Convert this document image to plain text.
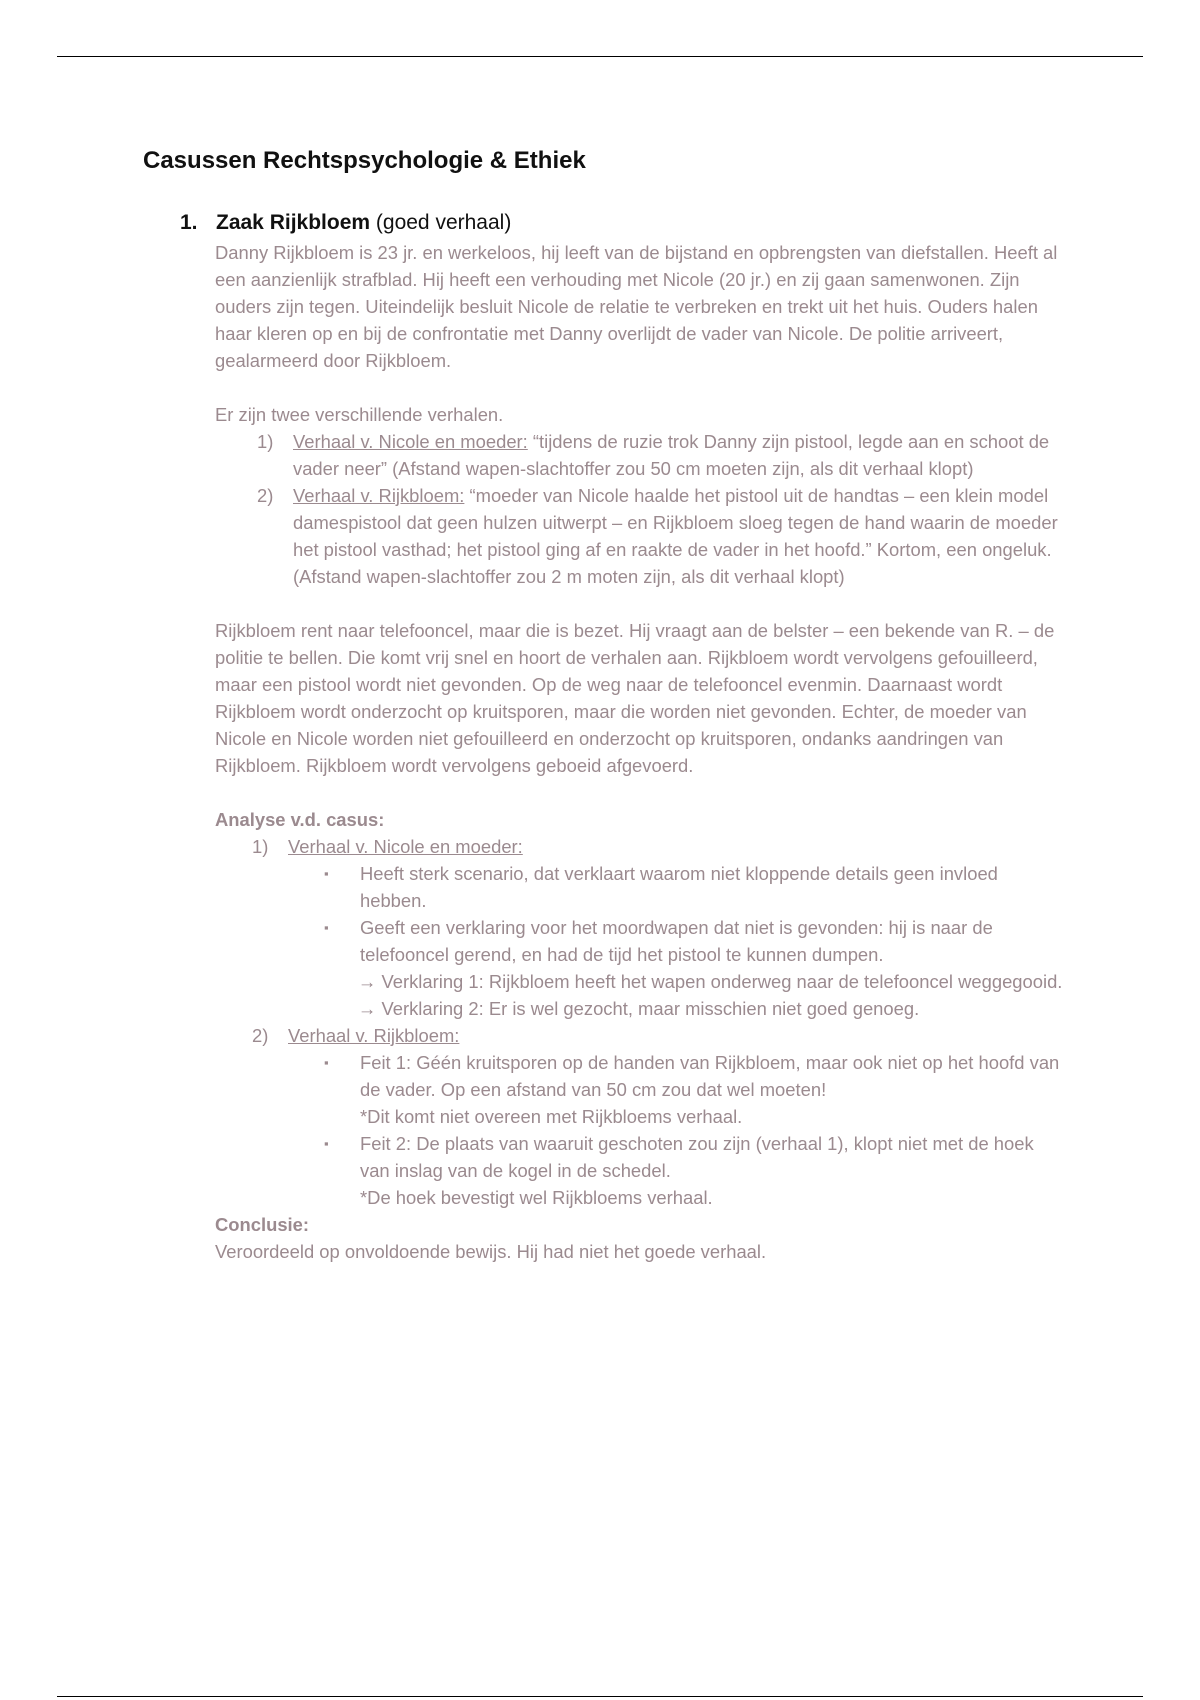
Casussen Rechtspsychologie & Ethiek
1. Zaak Rijkbloem (goed verhaal)

Danny Rijkbloem is 23 jr. en werkeloos, hij leeft van de bijstand en opbrengsten van diefstallen. Heeft al een aanzienlijk strafblad. Hij heeft een verhouding met Nicole (20 jr.) en zij gaan samenwonen. Zijn ouders zijn tegen. Uiteindelijk besluit Nicole de relatie te verbreken en trekt uit het huis. Ouders halen haar kleren op en bij de confrontatie met Danny overlijdt de vader van Nicole. De politie arriveert, gealarmeerd door Rijkbloem.

Er zijn twee verschillende verhalen.

1) Verhaal v. Nicole en moeder: “tijdens de ruzie trok Danny zijn pistool, legde aan en schoot de vader neer” (Afstand wapen-slachtoffer zou 50 cm moeten zijn, als dit verhaal klopt)
2) Verhaal v. Rijkbloem: “moeder van Nicole haalde het pistool uit de handtas – een klein model damespistool dat geen hulzen uitwerpt – en Rijkbloem sloeg tegen de hand waarin de moeder het pistool vasthad; het pistool ging af en raakte de vader in het hoofd.” Kortom, een ongeluk. (Afstand wapen-slachtoffer zou 2 m moten zijn, als dit verhaal klopt)

Rijkbloem rent naar telefooncel, maar die is bezet. Hij vraagt aan de belster – een bekende van R. – de politie te bellen. Die komt vrij snel en hoort de verhalen aan. Rijkbloem wordt vervolgens gefouilleerd, maar een pistool wordt niet gevonden. Op de weg naar de telefooncel evenmin. Daarnaast wordt Rijkbloem wordt onderzocht op kruitsporen, maar die worden niet gevonden. Echter, de moeder van Nicole en Nicole worden niet gefouilleerd en onderzocht op kruitsporen, ondanks aandringen van Rijkbloem. Rijkbloem wordt vervolgens geboeid afgevoerd.

Analyse v.d. casus:

1) Verhaal v. Nicole en moeder:
▪ Heeft sterk scenario, dat verklaart waarom niet kloppende details geen invloed hebben.
▪ Geeft een verklaring voor het moordwapen dat niet is gevonden: hij is naar de telefooncel gerend, en had de tijd het pistool te kunnen dumpen.
→ Verklaring 1: Rijkbloem heeft het wapen onderweg naar de telefooncel weggegooid.
→ Verklaring 2: Er is wel gezocht, maar misschien niet goed genoeg.
2) Verhaal v. Rijkbloem:
▪ Feit 1: Géén kruitsporen op de handen van Rijkbloem, maar ook niet op het hoofd van de vader. Op een afstand van 50 cm zou dat wel moeten!
*Dit komt niet overeen met Rijkbloems verhaal.
▪ Feit 2: De plaats van waaruit geschoten zou zijn (verhaal 1), klopt niet met de hoek van inslag van de kogel in de schedel.
*De hoek bevestigt wel Rijkbloems verhaal.

Conclusie:

Veroordeeld op onvoldoende bewijs. Hij had niet het goede verhaal.
